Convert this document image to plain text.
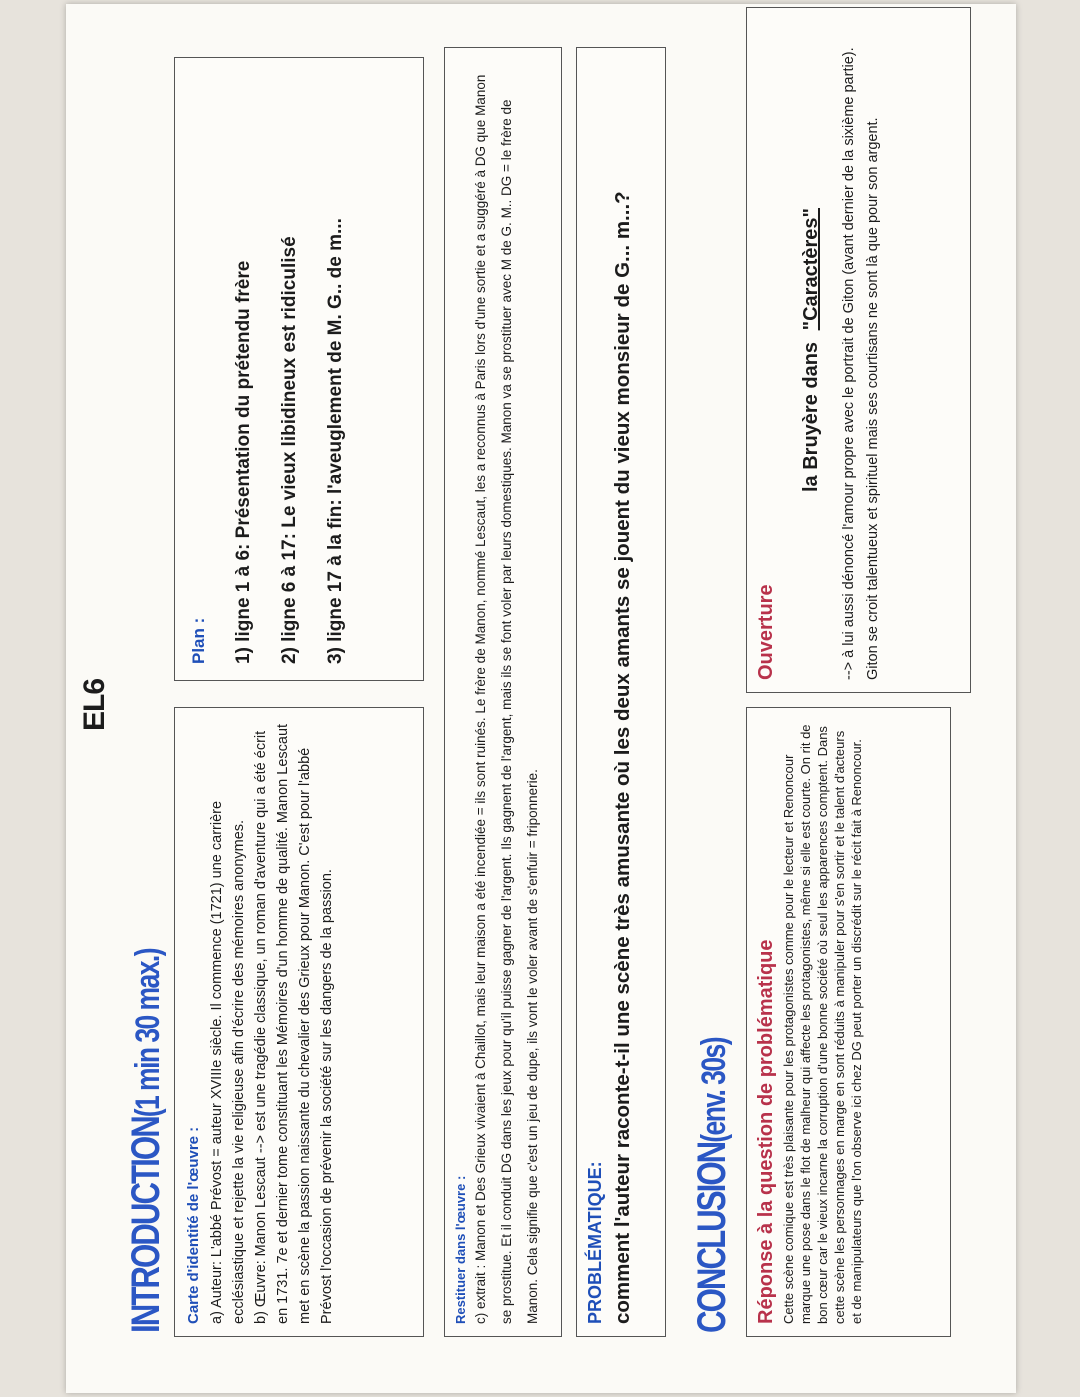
EL6
INTRODUCTION(1 min 30 max.)
Carte d'identité de l'œuvre : a) Auteur: L'abbé Prévost = auteur XVIIIe siècle. Il commence (1721) une carrière ecclésiastique et rejette la vie religieuse afin d'écrire des mémoires anonymes. b) Œuvre: Manon Lescaut --> est une tragédie classique, un roman d'aventure qui a été écrit en 1731. 7e et dernier tome constituant les Mémoires d'un homme de qualité. Manon Lescaut met en scène la passion naissante du chevalier des Grieux pour Manon. C'est pour l'abbé Prévost l'occasion de prévenir la société sur les dangers de la passion.

Plan : 1) ligne 1 à 6: Présentation du prétendu frère 2) ligne 6 à 17: Le vieux libidineux est ridiculisé 3) ligne 17 à la fin: l'aveuglement de M. G.. de m...

Restituer dans l'œuvre : c) extrait : Manon et Des Grieux vivaient à Chaillot, mais leur maison a été incendiée = ils sont ruinés. Le frère de Manon, nommé Lescaut, les a reconnus à Paris lors d'une sortie et a suggéré à DG que Manon se prostitue. Et il conduit DG dans les jeux pour qu'il puisse gagner de l'argent. Ils gagnent de l'argent, mais ils se font voler par leurs domestiques. Manon va se prostituer avec M de G. M.. DG = le frère de Manon. Cela signifie que c'est un jeu de dupe, ils vont le voler avant de s'enfuir = friponnerie.	PROBLÉMATIQUE: comment l'auteur raconte-t-il une scène très amusante où les deux amants se jouent du vieux monsieur de G... m...? CONCLUSION(env. 30s) Réponse à la question de problématique Cette scène comique est très plaisante pour les protagonistes comme pour le lecteur et Renoncour marque une pose dans le flot de malheur qui affecte les protagonistes, même si elle est courte. On rit de bon cœur car le vieux incarne la corruption d'une bonne société où seul les apparences comptent. Dans cette scène les personnages en marge en sont réduits à manipuler pour s'en sortir et le talent d'acteurs et de manipulateurs que l'on observe ici chez DG peut porter un discrédit sur le récit fait à Renoncour.

Ouverture
la Bruyère dans "Caractères" --> à lui aussi dénoncé l'amour propre avec le portrait de Giton (avant dernier de la sixième partie). Giton se croit talentueux et spirituel mais ses courtisans ne sont là que pour son argent.
